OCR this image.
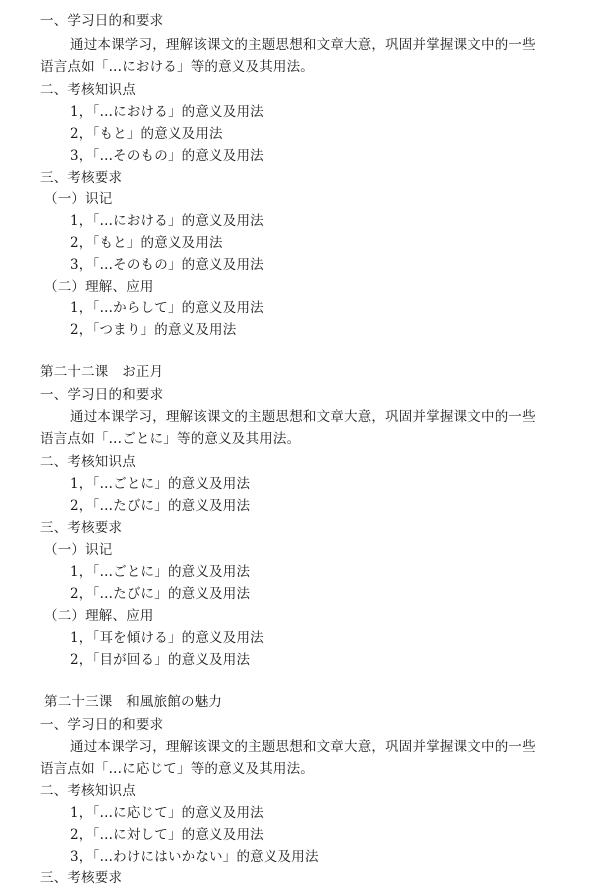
一、学习日的和要求
通过本课学习，理解该课文的主题思想和文章大意，巩固并掌握课文中的一些
语言点如「…における」等的意义及其用法。
二、考核知识点
1，「…における」的意义及用法
2，「もと」的意义及用法
3，「…そのもの」的意义及用法
三、考核要求
（一）识记
1，「…における」的意义及用法
2，「もと」的意义及用法
3，「…そのもの」的意义及用法
（二）理解、应用
1，「…からして」的意义及用法
2，「つまり」的意义及用法
第二十二课　お正月
一、学习日的和要求
通过本课学习，理解该课文的主题思想和文章大意，巩固并掌握课文中的一些
语言点如「…ごとに」等的意义及其用法。
二、考核知识点
1，「…ごとに」的意义及用法
2，「…たびに」的意义及用法
三、考核要求
（一）识记
1，「…ごとに」的意义及用法
2，「…たびに」的意义及用法
（二）理解、应用
1，「耳を傾ける」的意义及用法
2，「目が回る」的意义及用法
第二十三课　和風旅館の魅力
一、学习日的和要求
通过本课学习，理解该课文的主题思想和文章大意，巩固并掌握课文中的一些
语言点如「…に応じて」等的意义及其用法。
二、考核知识点
1，「…に応じて」的意义及用法
2，「…に対して」的意义及用法
3，「…わけにはいかない」的意义及用法
三、考核要求
